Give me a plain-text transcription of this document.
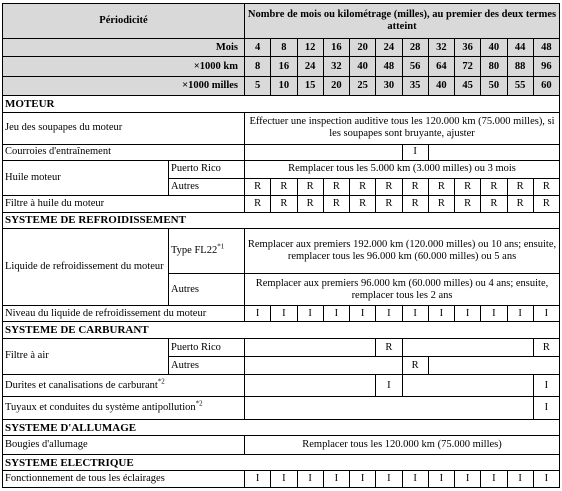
Périodicité		Nombre de mois ou kilométrage (milles), au premier des deux termes atteint											
Mois		4	8	12	16	20	24	28	32	36	40	44	48
×1000 km		8	16	24	32	40	48	56	64	72	80	88	96
×1000 milles		5	10	15	20	25	30	35	40	45	50	55	60
MOTEUR													
Jeu des soupapes du moteur		Effectuer une inspection auditive tous les 120.000 km (75.000 milles), si les soupapes sont bruyante, ajuster											
Courroies d'entraînement								I					
Huile moteur	Puerto Rico	Remplacer tous les 5.000 km (3.000 milles) ou 3 mois											
	Autres	R	R	R	R	R	R	R	R	R	R	R	R
Filtre à huile du moteur		R	R	R	R	R	R	R	R	R	R	R	R
SYSTEME DE REFROIDISSEMENT													
Liquide de refroidissement du moteur	Type FL22$^{*1}$	Remplacer aux premiers 192.000 km (120.000 milles) ou 10 ans; ensuite, remplacer tous les 96.000 km (60.000 milles) ou 5 ans											
	Autres	Remplacer aux premiers 96.000 km (60.000 milles) ou 4 ans; ensuite, remplacer tous les 2 ans											
Niveau du liquide de refroidissement du moteur		I	I	I	I	I	I	I	I	I	I	I	I
SYSTEME DE CARBURANT													
Filtre à air	Puerto Rico						R						R
	Autres							R					
Durites et canalisations de carburant$^{*2}$							I						I
Tuyaux et conduites du système antipollution$^{*2}$													I
SYSTEME D'ALLUMAGE													
Bougies d'allumage		Remplacer tous les 120.000 km (75.000 milles)											
SYSTEME ELECTRIQUE													
Fonctionnement de tous les éclairages		I	I	I	I	I	I	I	I	I	I	I	I
